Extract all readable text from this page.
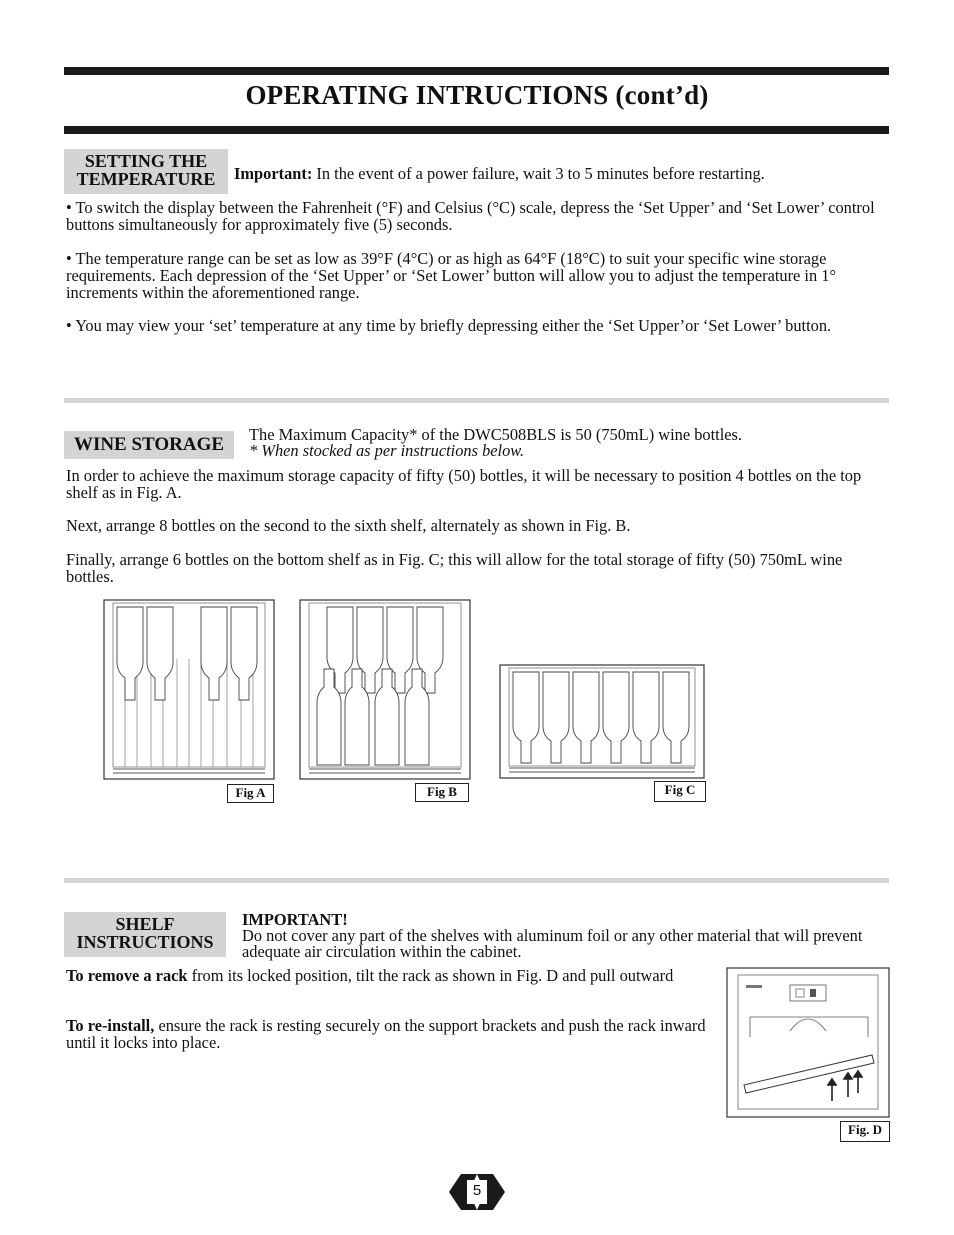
OPERATING INTRUCTIONS (cont’d)
SETTING THE
TEMPERATURE	Important: In the event of a power failure, wait 3 to 5 minutes before restarting.
• To switch the display between the Fahrenheit (°F) and Celsius (°C) scale, depress the ‘Set Upper’ and ‘Set Lower’ control buttons simultaneously for approximately five (5) seconds.
• The temperature range can be set as low as 39°F (4°C) or as high as 64°F (18°C) to suit your specific wine storage requirements. Each depression of the ‘Set Upper’ or ‘Set Lower’ button will allow you to adjust the temperature in 1° increments within the aforementioned range.
• You may view your ‘set’ temperature at any time by briefly depressing either the ‘Set Upper’or ‘Set Lower’ button.
WINE STORAGE	The Maximum Capacity* of the DWC508BLS is 50 (750mL) wine bottles.
* When stocked as per instructions below.
In order to achieve the maximum storage capacity of fifty (50) bottles, it will be necessary to position 4 bottles on the top shelf as in Fig. A.
Next, arrange 8 bottles on the second to the sixth shelf, alternately as shown in Fig. B.
Finally, arrange 6 bottles on the bottom shelf as in Fig. C; this will allow for the total storage of fifty (50) 750mL wine bottles.
Fig A	Fig B	Fig C
SHELF
INSTRUCTIONS
IMPORTANT!
Do not cover any part of the shelves with aluminum foil or any other material that will prevent adequate air circulation within the cabinet.
To remove a rack from its locked position, tilt the rack as shown in Fig. D and pull outward
To re-install, ensure the rack is resting securely on the support brackets and push the rack inward until it locks into place.
Fig. D
5
